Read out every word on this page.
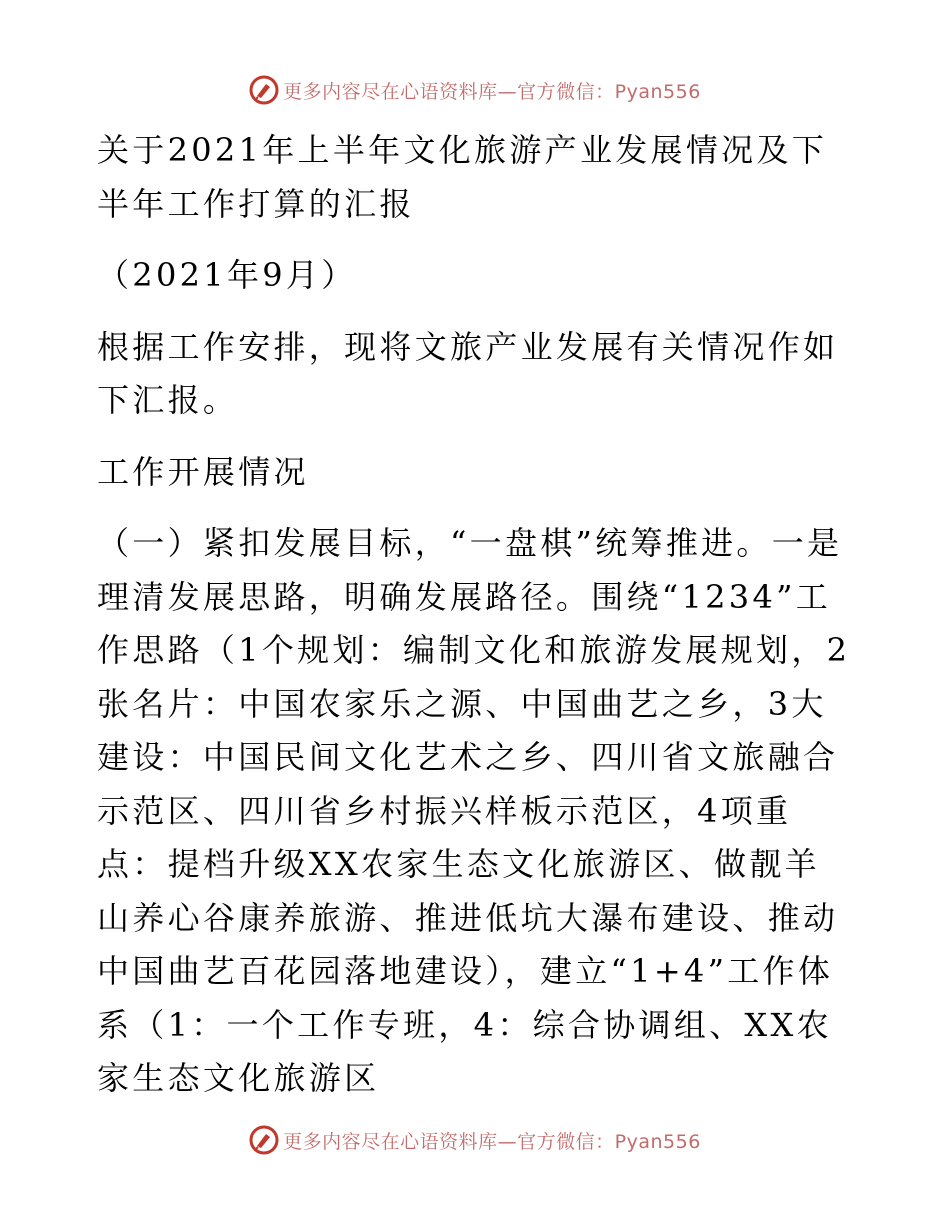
更多内容尽在心语资料库—官方微信：Pyan556

关于2021年上半年文化旅游产业发展情况及下半年工作打算的汇报

（2021年9月）

根据工作安排，现将文旅产业发展有关情况作如下汇报。

工作开展情况

（一）紧扣发展目标，“一盘棋”统筹推进。一是理清发展思路，明确发展路径。围绕“1234”工作思路（1个规划：编制文化和旅游发展规划，2张名片：中国农家乐之源、中国曲艺之乡，3大建设：中国民间文化艺术之乡、四川省文旅融合示范区、四川省乡村振兴样板示范区，4项重点：提档升级XX农家生态文化旅游区、做靓羊山养心谷康养旅游、推进低坑大瀑布建设、推动中国曲艺百花园落地建设），建立“1+4”工作体系（1：一个工作专班，4：综合协调组、XX农家生态文化旅游区

更多内容尽在心语资料库—官方微信：Pyan556
